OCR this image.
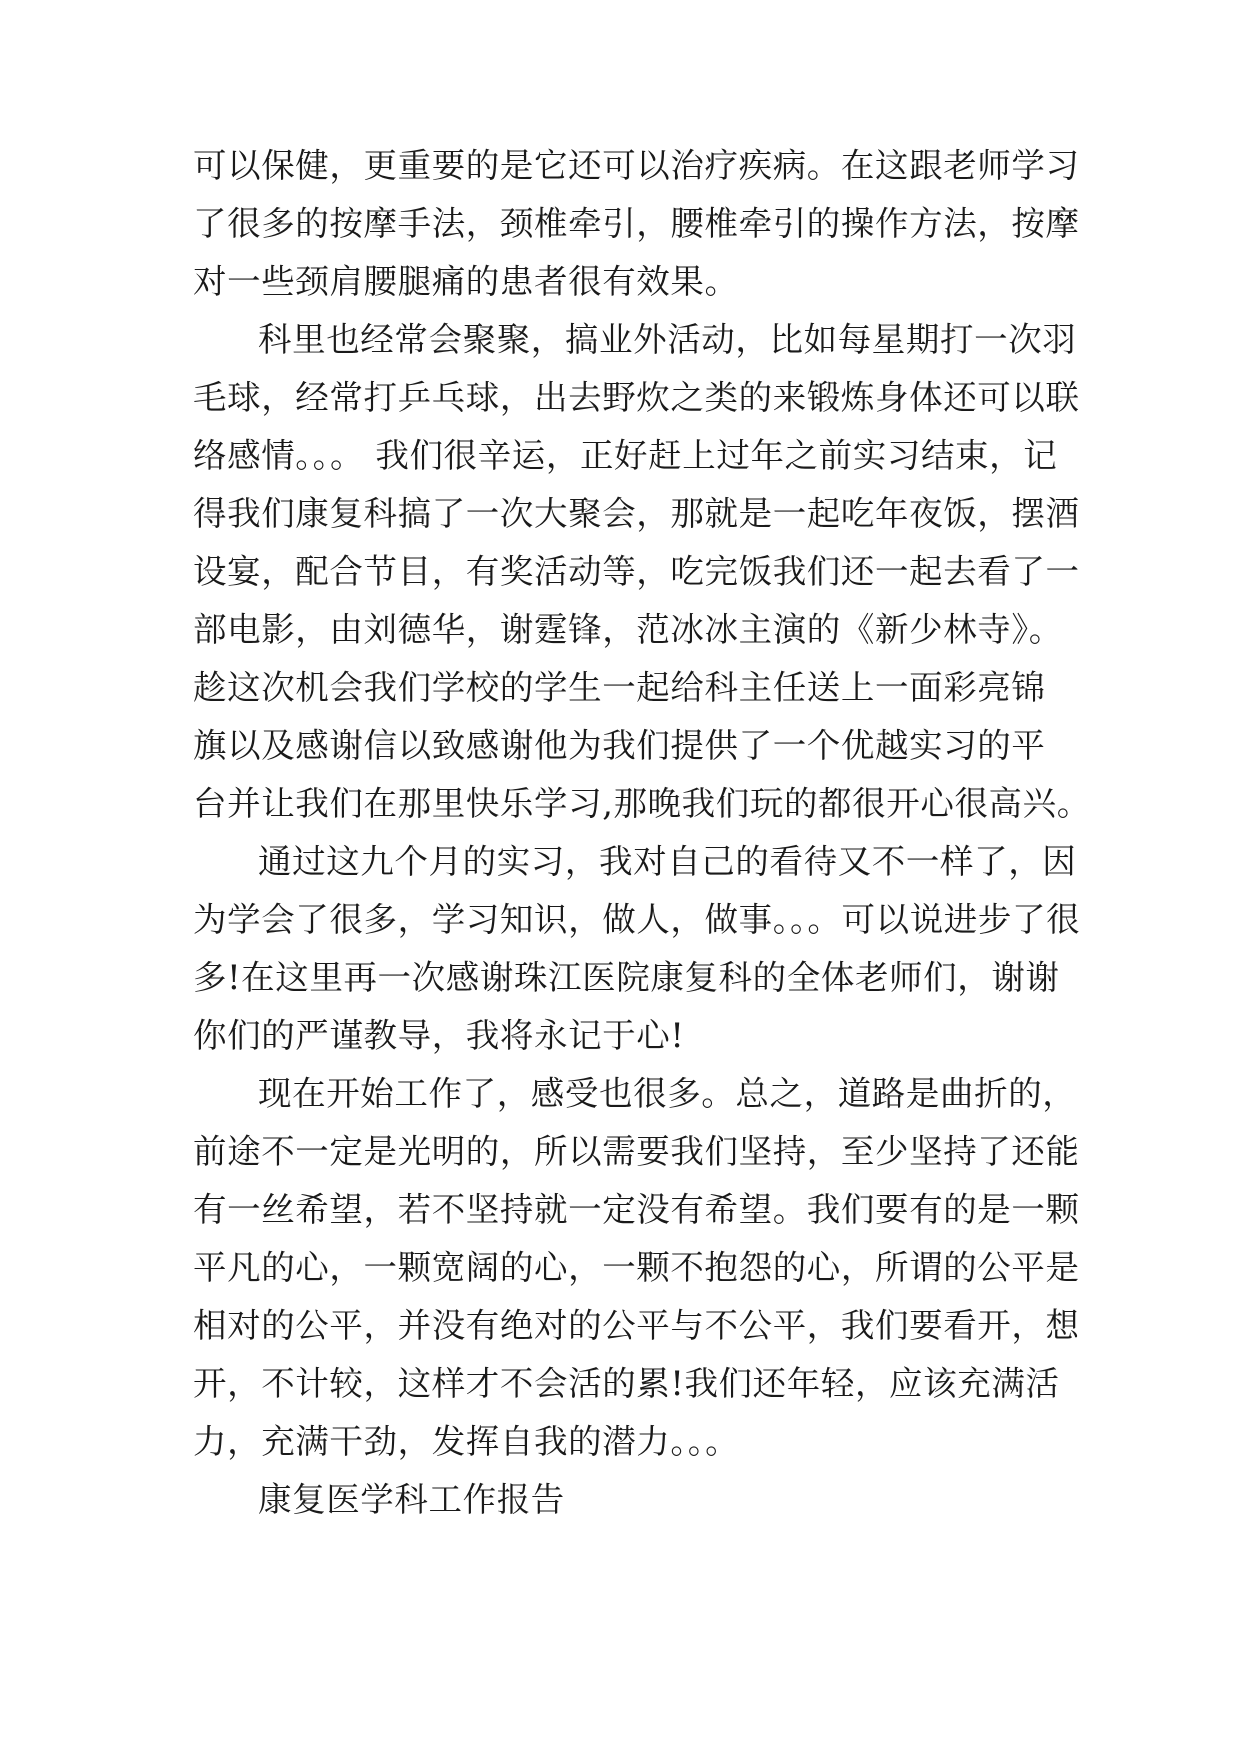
可以保健，更重要的是它还可以治疗疾病。在这跟老师学习
了很多的按摩手法，颈椎牵引，腰椎牵引的操作方法，按摩
对一些颈肩腰腿痛的患者很有效果。
科里也经常会聚聚，搞业外活动，比如每星期打一次羽
毛球，经常打乒乓球，出去野炊之类的来锻炼身体还可以联
络感情。。。 我们很辛运，正好赶上过年之前实习结束，记
得我们康复科搞了一次大聚会，那就是一起吃年夜饭，摆酒
设宴，配合节目，有奖活动等，吃完饭我们还一起去看了一
部电影，由刘德华，谢霆锋，范冰冰主演的《新少林寺》。
趁这次机会我们学校的学生一起给科主任送上一面彩亮锦
旗以及感谢信以致感谢他为我们提供了一个优越实习的平
台并让我们在那里快乐学习,那晚我们玩的都很开心很高兴。
通过这九个月的实习，我对自己的看待又不一样了，因
为学会了很多，学习知识，做人，做事。。。可以说进步了很
多!在这里再一次感谢珠江医院康复科的全体老师们，谢谢
你们的严谨教导，我将永记于心!
现在开始工作了，感受也很多。总之，道路是曲折的，
前途不一定是光明的，所以需要我们坚持，至少坚持了还能
有一丝希望，若不坚持就一定没有希望。我们要有的是一颗
平凡的心，一颗宽阔的心，一颗不抱怨的心，所谓的公平是
相对的公平，并没有绝对的公平与不公平，我们要看开，想
开，不计较，这样才不会活的累!我们还年轻，应该充满活
力，充满干劲，发挥自我的潜力。。。
康复医学科工作报告
